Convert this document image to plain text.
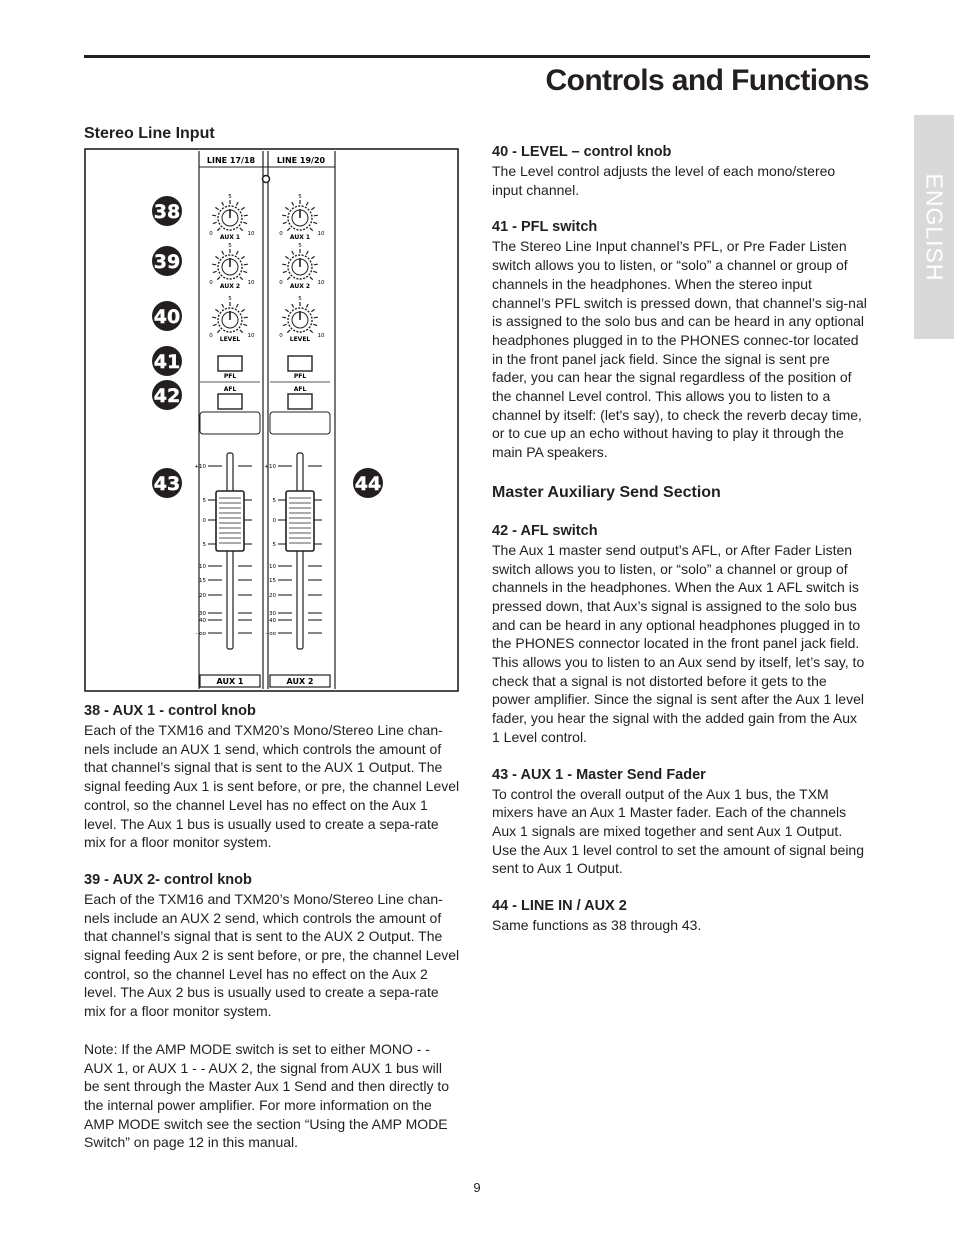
Controls and Functions
ENGLISH
Stereo Line Input
LINE 17/18	LINE 19/20
5
0	10
AUX 1
5
0	10
AUX 2
5
0	10
LEVEL
5
0	10
AUX 1
5
0	10
AUX 2
5
0	10
LEVEL
PFL
AFL
PFL
AFL
+10
5
0
5
10
15
20
30
40
- oo
AUX 1
+10
5
0
5
10
15
20
30
40
- oo
AUX 2
38
39
40
41
42
43	44
38 - AUX 1 - control knob

Each of the TXM16 and TXM20’s Mono/Stereo Line chan-nels include an AUX 1 send, which controls the amount of that channel’s signal that is sent to the AUX 1 Output. The signal feeding Aux 1 is sent before, or pre, the channel Level control, so the channel Level has no effect on the Aux 1 level. The Aux 1 bus is usually used to create a sepa-rate mix for a floor monitor system.

39 - AUX 2- control knob

Each of the TXM16 and TXM20’s Mono/Stereo Line chan-nels include an AUX 2 send, which controls the amount of that channel’s signal that is sent to the AUX 2 Output. The signal feeding Aux 2 is sent before, or pre, the channel Level control, so the channel Level has no effect on the Aux 2 level. The Aux 2 bus is usually used to create a sepa-rate mix for a floor monitor system.

Note: If the AMP MODE switch is set to either MONO - - AUX 1, or AUX 1 - - AUX 2, the signal from AUX 1 bus will be sent through the Master Aux 1 Send and then directly to the internal power amplifier. For more information on the AMP MODE switch see the section “Using the AMP MODE Switch” on page 12 in this manual.

40 - LEVEL – control knob

The Level control adjusts the level of each mono/stereo input channel.

41 - PFL switch

The Stereo Line Input channel’s PFL, or Pre Fader Listen switch allows you to listen, or “solo” a channel or group of channels in the headphones. When the stereo input channel’s PFL switch is pressed down, that channel’s sig-nal is assigned to the solo bus and can be heard in any optional headphones plugged in to the PHONES connec-tor located in the front panel jack field. Since the signal is sent pre fader, you can hear the signal regardless of the position of the channel Level control. This allows you to listen to a channel by itself: (let's say), to check the reverb decay time, or to cue up an echo without having to play it through the main PA speakers.

Master Auxiliary Send Section
42 - AFL switch

The Aux 1 master send output’s AFL, or After Fader Listen switch allows you to listen, or “solo” a channel or group of channels in the headphones. When the Aux 1 AFL switch is pressed down, that Aux’s signal is assigned to the solo bus and can be heard in any optional headphones plugged in to the PHONES connector located in the front panel jack field. This allows you to listen to an Aux send by itself, let’s say, to check that a signal is not distorted before it gets to the power amplifier. Since the signal is sent after the Aux 1 level fader, you hear the signal with the added gain from the Aux 1 Level control.

43 - AUX 1 - Master Send Fader

To control the overall output of the Aux 1 bus, the TXM mixers have an Aux 1 Master fader. Each of the channels Aux 1 signals are mixed together and sent Aux 1 Output. Use the Aux 1 level control to set the amount of signal being sent to Aux 1 Output.

44 - LINE IN / AUX 2

Same functions as 38 through 43.

9
